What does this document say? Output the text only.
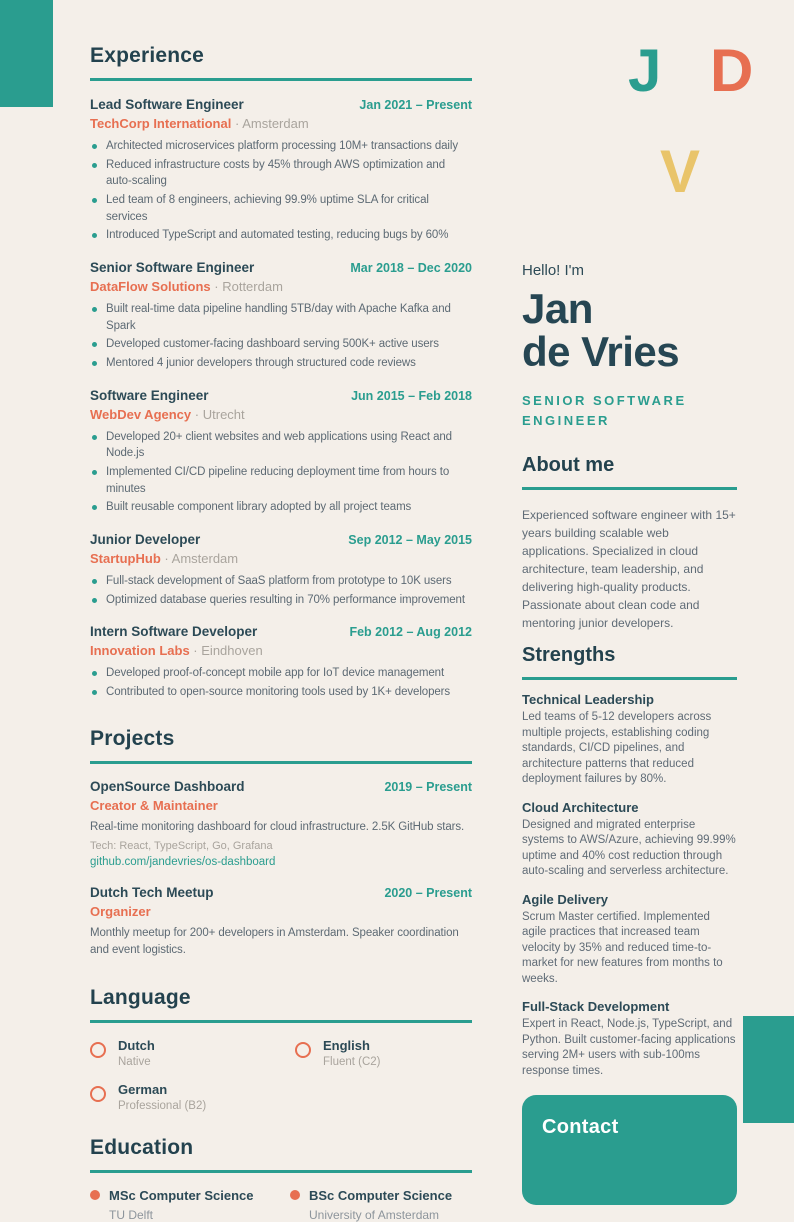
Experience
Lead Software Engineer	Jan 2021 – Present
TechCorp International · Amsterdam
Architected microservices platform processing 10M+ transactions daily
Reduced infrastructure costs by 45% through AWS optimization and auto-scaling
Led team of 8 engineers, achieving 99.9% uptime SLA for critical services
Introduced TypeScript and automated testing, reducing bugs by 60%
Senior Software Engineer	Mar 2018 – Dec 2020
DataFlow Solutions · Rotterdam
Built real-time data pipeline handling 5TB/day with Apache Kafka and Spark
Developed customer-facing dashboard serving 500K+ active users
Mentored 4 junior developers through structured code reviews
Software Engineer	Jun 2015 – Feb 2018
WebDev Agency · Utrecht
Developed 20+ client websites and web applications using React and Node.js
Implemented CI/CD pipeline reducing deployment time from hours to minutes
Built reusable component library adopted by all project teams
Junior Developer	Sep 2012 – May 2015
StartupHub · Amsterdam
Full-stack development of SaaS platform from prototype to 10K users
Optimized database queries resulting in 70% performance improvement
Intern Software Developer	Feb 2012 – Aug 2012
Innovation Labs · Eindhoven
Developed proof-of-concept mobile app for IoT device management
Contributed to open-source monitoring tools used by 1K+ developers
Projects
OpenSource Dashboard	2019 – Present
Creator & Maintainer
Real-time monitoring dashboard for cloud infrastructure. 2.5K GitHub stars.
Tech: React, TypeScript, Go, Grafana
github.com/jandevries/os-dashboard
Dutch Tech Meetup	2020 – Present
Organizer
Monthly meetup for 200+ developers in Amsterdam. Speaker coordination and event logistics.
Language
Dutch
Native
English
Fluent (C2)
German
Professional (B2)
Education
MSc Computer Science
TU Delft
BSc Computer Science
University of Amsterdam
J D
V
Hello! I'm
Jan
de Vries
SENIOR SOFTWARE ENGINEER
About me

Experienced software engineer with 15+ years building scalable web applications. Specialized in cloud architecture, team leadership, and delivering high-quality products. Passionate about clean code and mentoring junior developers.

Strengths
Technical Leadership
Led teams of 5-12 developers across multiple projects, establishing coding standards, CI/CD pipelines, and architecture patterns that reduced deployment failures by 80%.
Cloud Architecture
Designed and migrated enterprise systems to AWS/Azure, achieving 99.99% uptime and 40% cost reduction through auto-scaling and serverless architecture.
Agile Delivery
Scrum Master certified. Implemented agile practices that increased team velocity by 35% and reduced time-to-market for new features from months to weeks.
Full-Stack Development
Expert in React, Node.js, TypeScript, and Python. Built customer-facing applications serving 2M+ users with sub-100ms response times.
Contact
